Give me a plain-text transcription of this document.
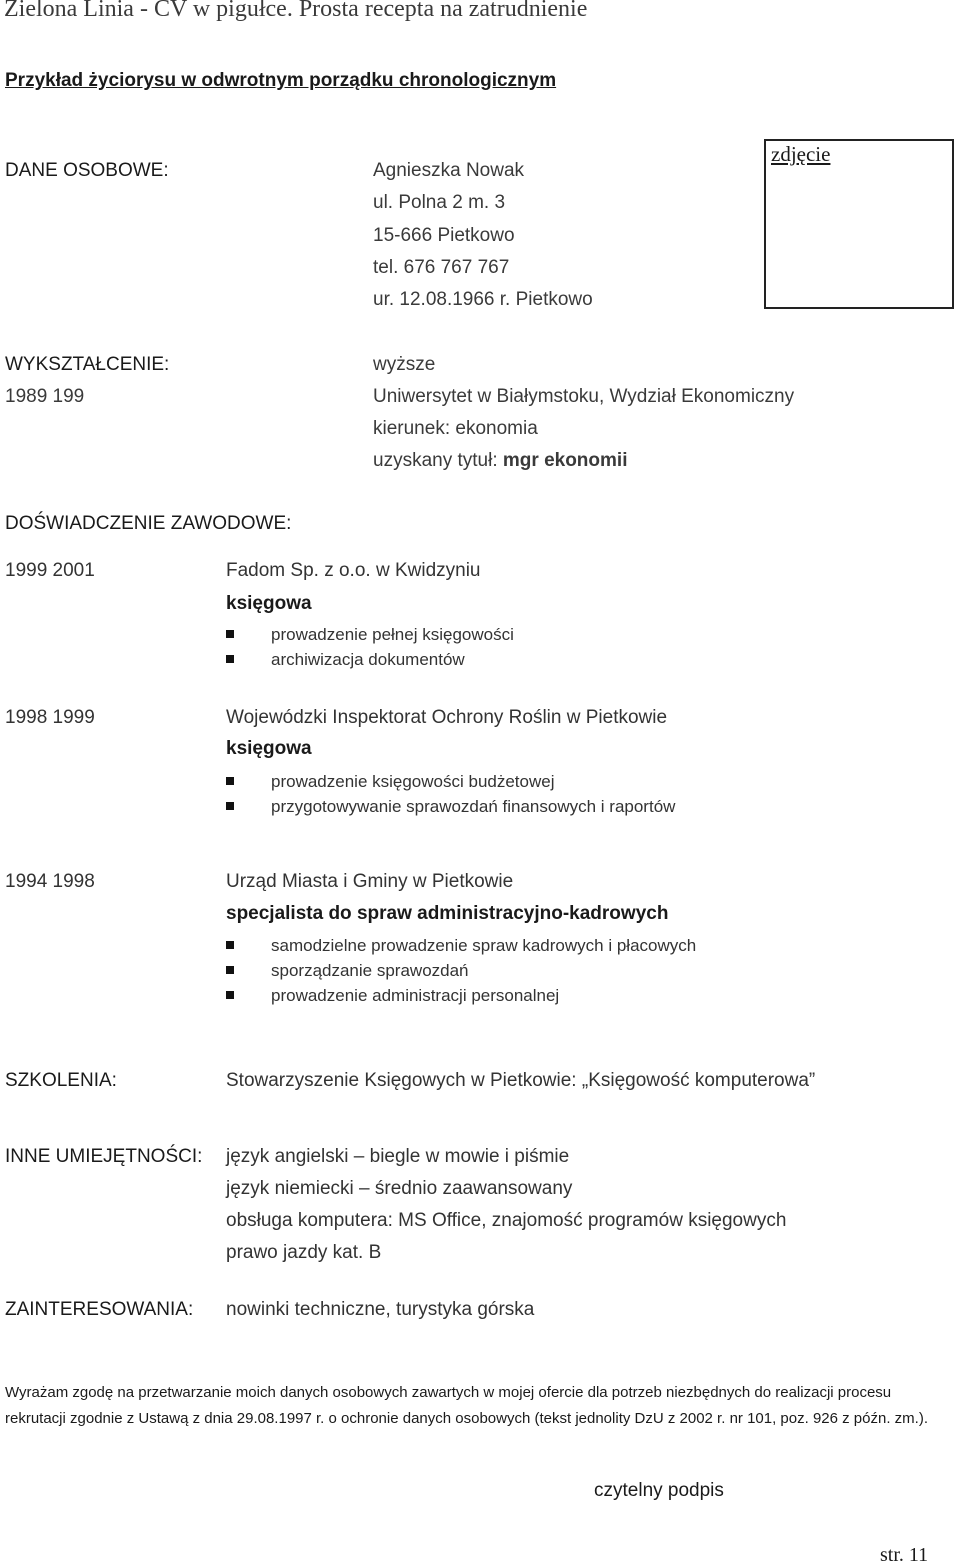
Zielona Linia - CV w pigułce. Prosta recepta na zatrudnienie
Przykład życiorysu w odwrotnym porządku chronologicznym
DANE OSOBOWE:	Agnieszka Nowak
ul. Polna 2 m. 3
15-666 Pietkowo
tel. 676 767 767
ur. 12.08.1966 r. Pietkowo
zdjęcie
WYKSZTAŁCENIE:	wyższe
1989 199	Uniwersytet w Białymstoku, Wydział Ekonomiczny
kierunek: ekonomia
uzyskany tytuł: mgr ekonomii
DOŚWIADCZENIE ZAWODOWE:
1999 2001	Fadom Sp. z o.o. w Kwidzyniu
księgowa
prowadzenie pełnej księgowości
archiwizacja dokumentów
1998 1999	Wojewódzki Inspektorat Ochrony Roślin w Pietkowie
księgowa
prowadzenie księgowości budżetowej
przygotowywanie sprawozdań finansowych i raportów
1994 1998	Urząd Miasta i Gminy w Pietkowie
specjalista do spraw administracyjno-kadrowych
samodzielne prowadzenie spraw kadrowych i płacowych
sporządzanie sprawozdań
prowadzenie administracji personalnej
SZKOLENIA:	Stowarzyszenie Księgowych w Pietkowie: „Księgowość komputerowa”
INNE UMIEJĘTNOŚCI: język angielski – biegle w mowie i piśmie
język niemiecki – średnio zaawansowany
obsługa komputera: MS Office, znajomość programów księgowych
prawo jazdy kat. B
ZAINTERESOWANIA: nowinki techniczne, turystyka górska
Wyrażam zgodę na przetwarzanie moich danych osobowych zawartych w mojej ofercie dla potrzeb niezbędnych do realizacji procesu rekrutacji zgodnie z Ustawą z dnia 29.08.1997 r. o ochronie danych osobowych (tekst jednolity DzU z 2002 r. nr 101, poz. 926 z późn. zm.).
czytelny podpis
str. 11
